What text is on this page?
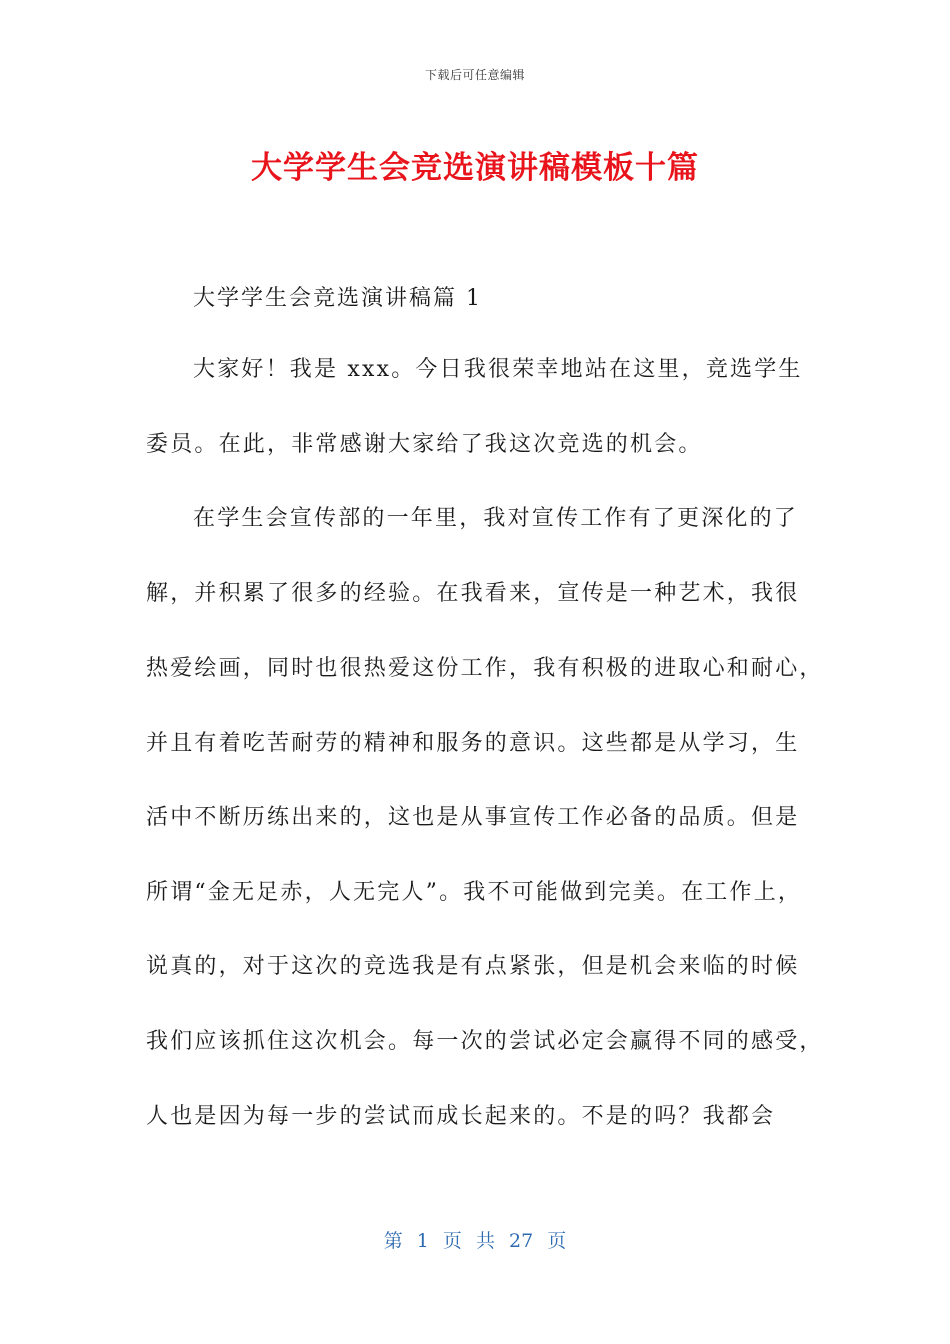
下载后可任意编辑
大学学生会竞选演讲稿模板十篇
大学学生会竞选演讲稿篇 1
大家好！我是 xxx。今日我很荣幸地站在这里，竞选学生
委员。在此，非常感谢大家给了我这次竞选的机会。
在学生会宣传部的一年里，我对宣传工作有了更深化的了
解，并积累了很多的经验。在我看来，宣传是一种艺术，我很
热爱绘画，同时也很热爱这份工作，我有积极的进取心和耐心，
并且有着吃苦耐劳的精神和服务的意识。这些都是从学习，生
活中不断历练出来的，这也是从事宣传工作必备的品质。但是
所谓“金无足赤，人无完人”。我不可能做到完美。在工作上，
说真的，对于这次的竞选我是有点紧张，但是机会来临的时候
我们应该抓住这次机会。每一次的尝试必定会赢得不同的感受，
人也是因为每一步的尝试而成长起来的。不是的吗？我都会
第 1 页 共 27 页
